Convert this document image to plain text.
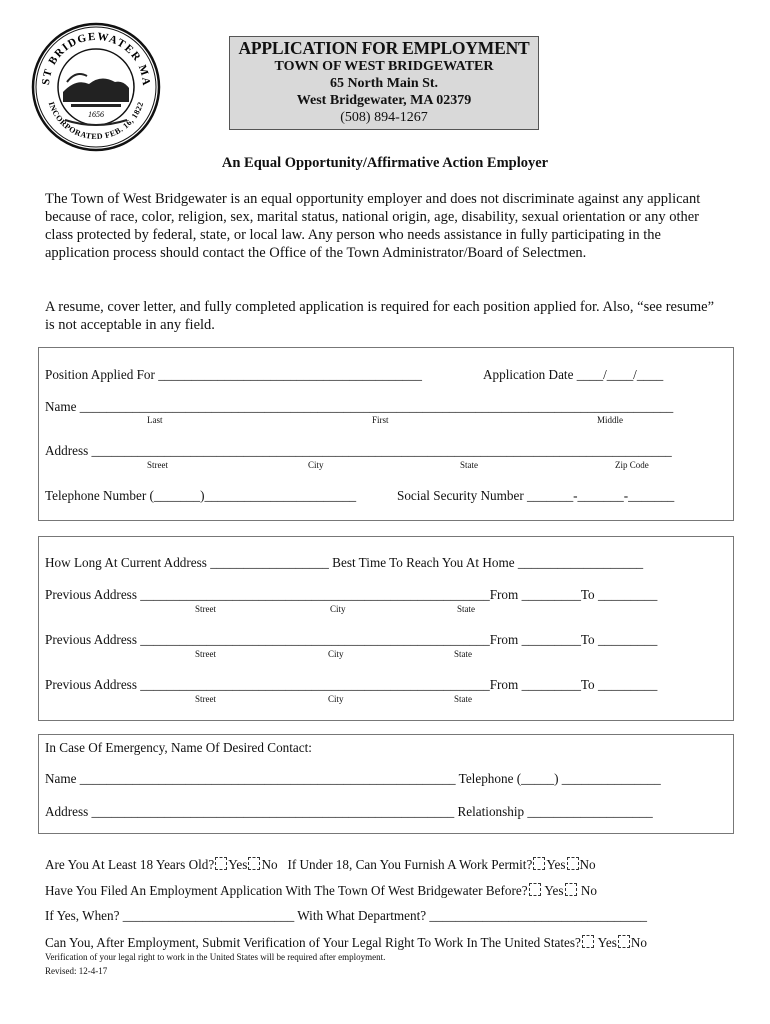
ST BRIDGEWATER MA
INCORPORATED FEB. 16, 1822
1656
APPLICATION FOR EMPLOYMENT
TOWN OF WEST BRIDGEWATER
65 North Main St.
West Bridgewater, MA 02379
(508) 894-1267
An Equal Opportunity/Affirmative Action Employer
The Town of West Bridgewater is an equal opportunity employer and does not discriminate against any applicant because of race, color, religion, sex, marital status, national origin, age, disability, sexual orientation or any other class protected by federal, state, or local law. Any person who needs assistance in fully participating in the application process should contact the Office of the Town Administrator/Board of Selectmen.
A resume, cover letter, and fully completed application is required for each position applied for. Also, “see resume” is not acceptable in any field.
Position Applied For ________________________________________	Application Date ____/____/____
Name __________________________________________________________________________________________
Last	First	Middle
Address ________________________________________________________________________________________
Street	City	State	Zip Code
Telephone Number (_______)_______________________	Social Security Number _______-_______-_______
How Long At Current Address __________________ Best Time To Reach You At Home ___________________
Previous Address _____________________________________________________From _________To _________
Street	City	State
Previous Address _____________________________________________________From _________To _________
Street	City	State
Previous Address _____________________________________________________From _________To _________
Street	City	State
In Case Of Emergency, Name Of Desired Contact:
Name _________________________________________________________ Telephone (_____) _______________
Address _______________________________________________________ Relationship ___________________
Are You At Least 18 Years Old? Yes No If Under 18, Can You Furnish A Work Permit? Yes No
Have You Filed An Employment Application With The Town Of West Bridgewater Before? Yes No
If Yes, When? __________________________ With What Department? _________________________________
Can You, After Employment, Submit Verification of Your Legal Right To Work In The United States? Yes No
Verification of your legal right to work in the United States will be required after employment.
Revised: 12-4-17
